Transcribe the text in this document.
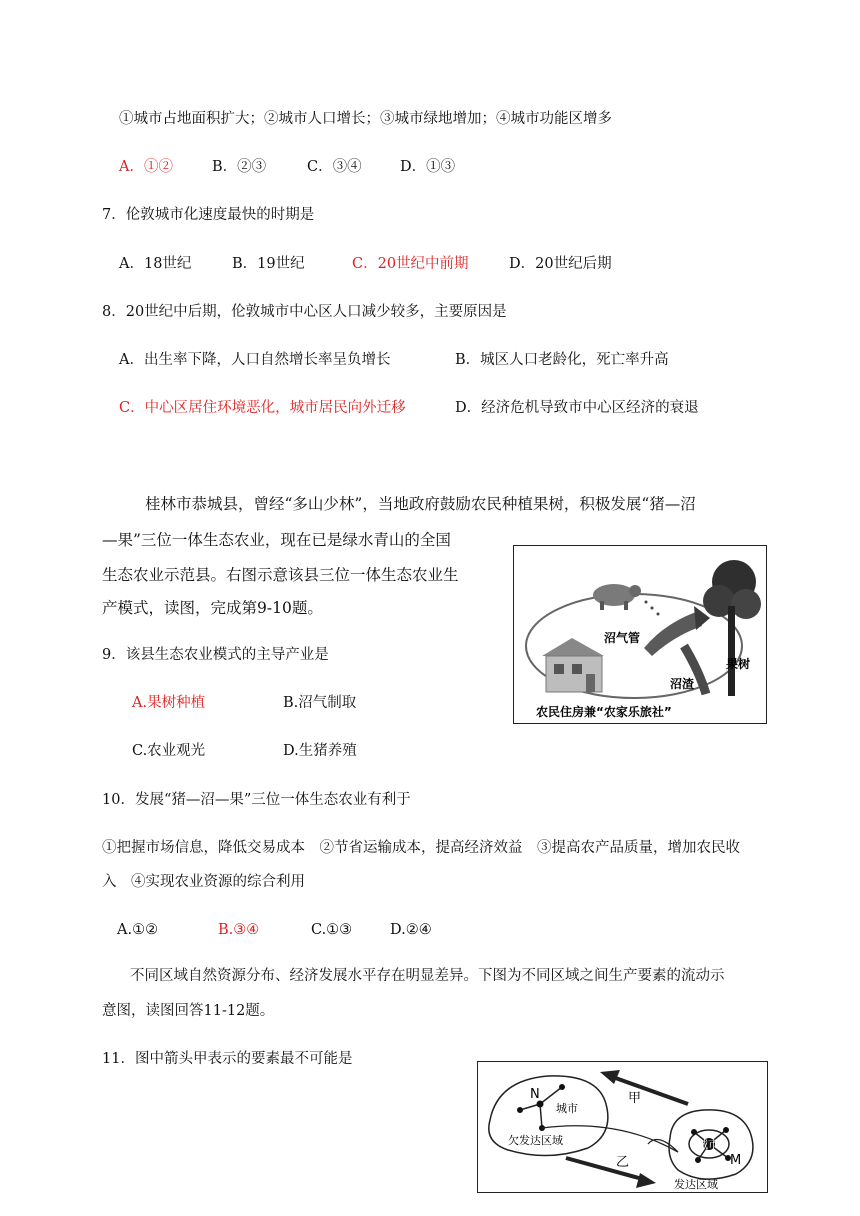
①城市占地面积扩大；②城市人口增长；③城市绿地增加；④城市功能区增多
A．①②	B．②③	C．③④	D．①③
7．伦敦城市化速度最快的时期是
A．18世纪	B．19世纪	C．20世纪中前期	D．20世纪后期
8．20世纪中后期，伦敦城市中心区人口减少较多，主要原因是
A．出生率下降，人口自然增长率呈负增长	B．城区人口老龄化，死亡率升高
C．中心区居住环境恶化，城市居民向外迁移	D．经济危机导致市中心区经济的衰退
桂林市恭城县，曾经“多山少林”，当地政府鼓励农民种植果树，积极发展“猪—沼
—果”三位一体生态农业，现在已是绿水青山的全国
生态农业示范县。右图示意该县三位一体生态农业生
产模式，读图，完成第9-10题。
沼气管
果树
沼渣
农民住房兼“农家乐旅社”
9．该县生态农业模式的主导产业是
A.果树种植	B.沼气制取
C.农业观光	D.生猪养殖
10．发展“猪—沼—果”三位一体生态农业有利于
①把握市场信息，降低交易成本　②节省运输成本，提高经济效益　③提高农产品质量，增加农民收
入　④实现农业资源的综合利用
A.①②	B.③④	C.①③	D.②④
不同区域自然资源分布、经济发展水平存在明显差异。下图为不同区域之间生产要素的流动示
意图，读图回答11-12题。
11．图中箭头甲表示的要素最不可能是
甲
乙
N
M
城市
城市
欠发达区域
发达区域
